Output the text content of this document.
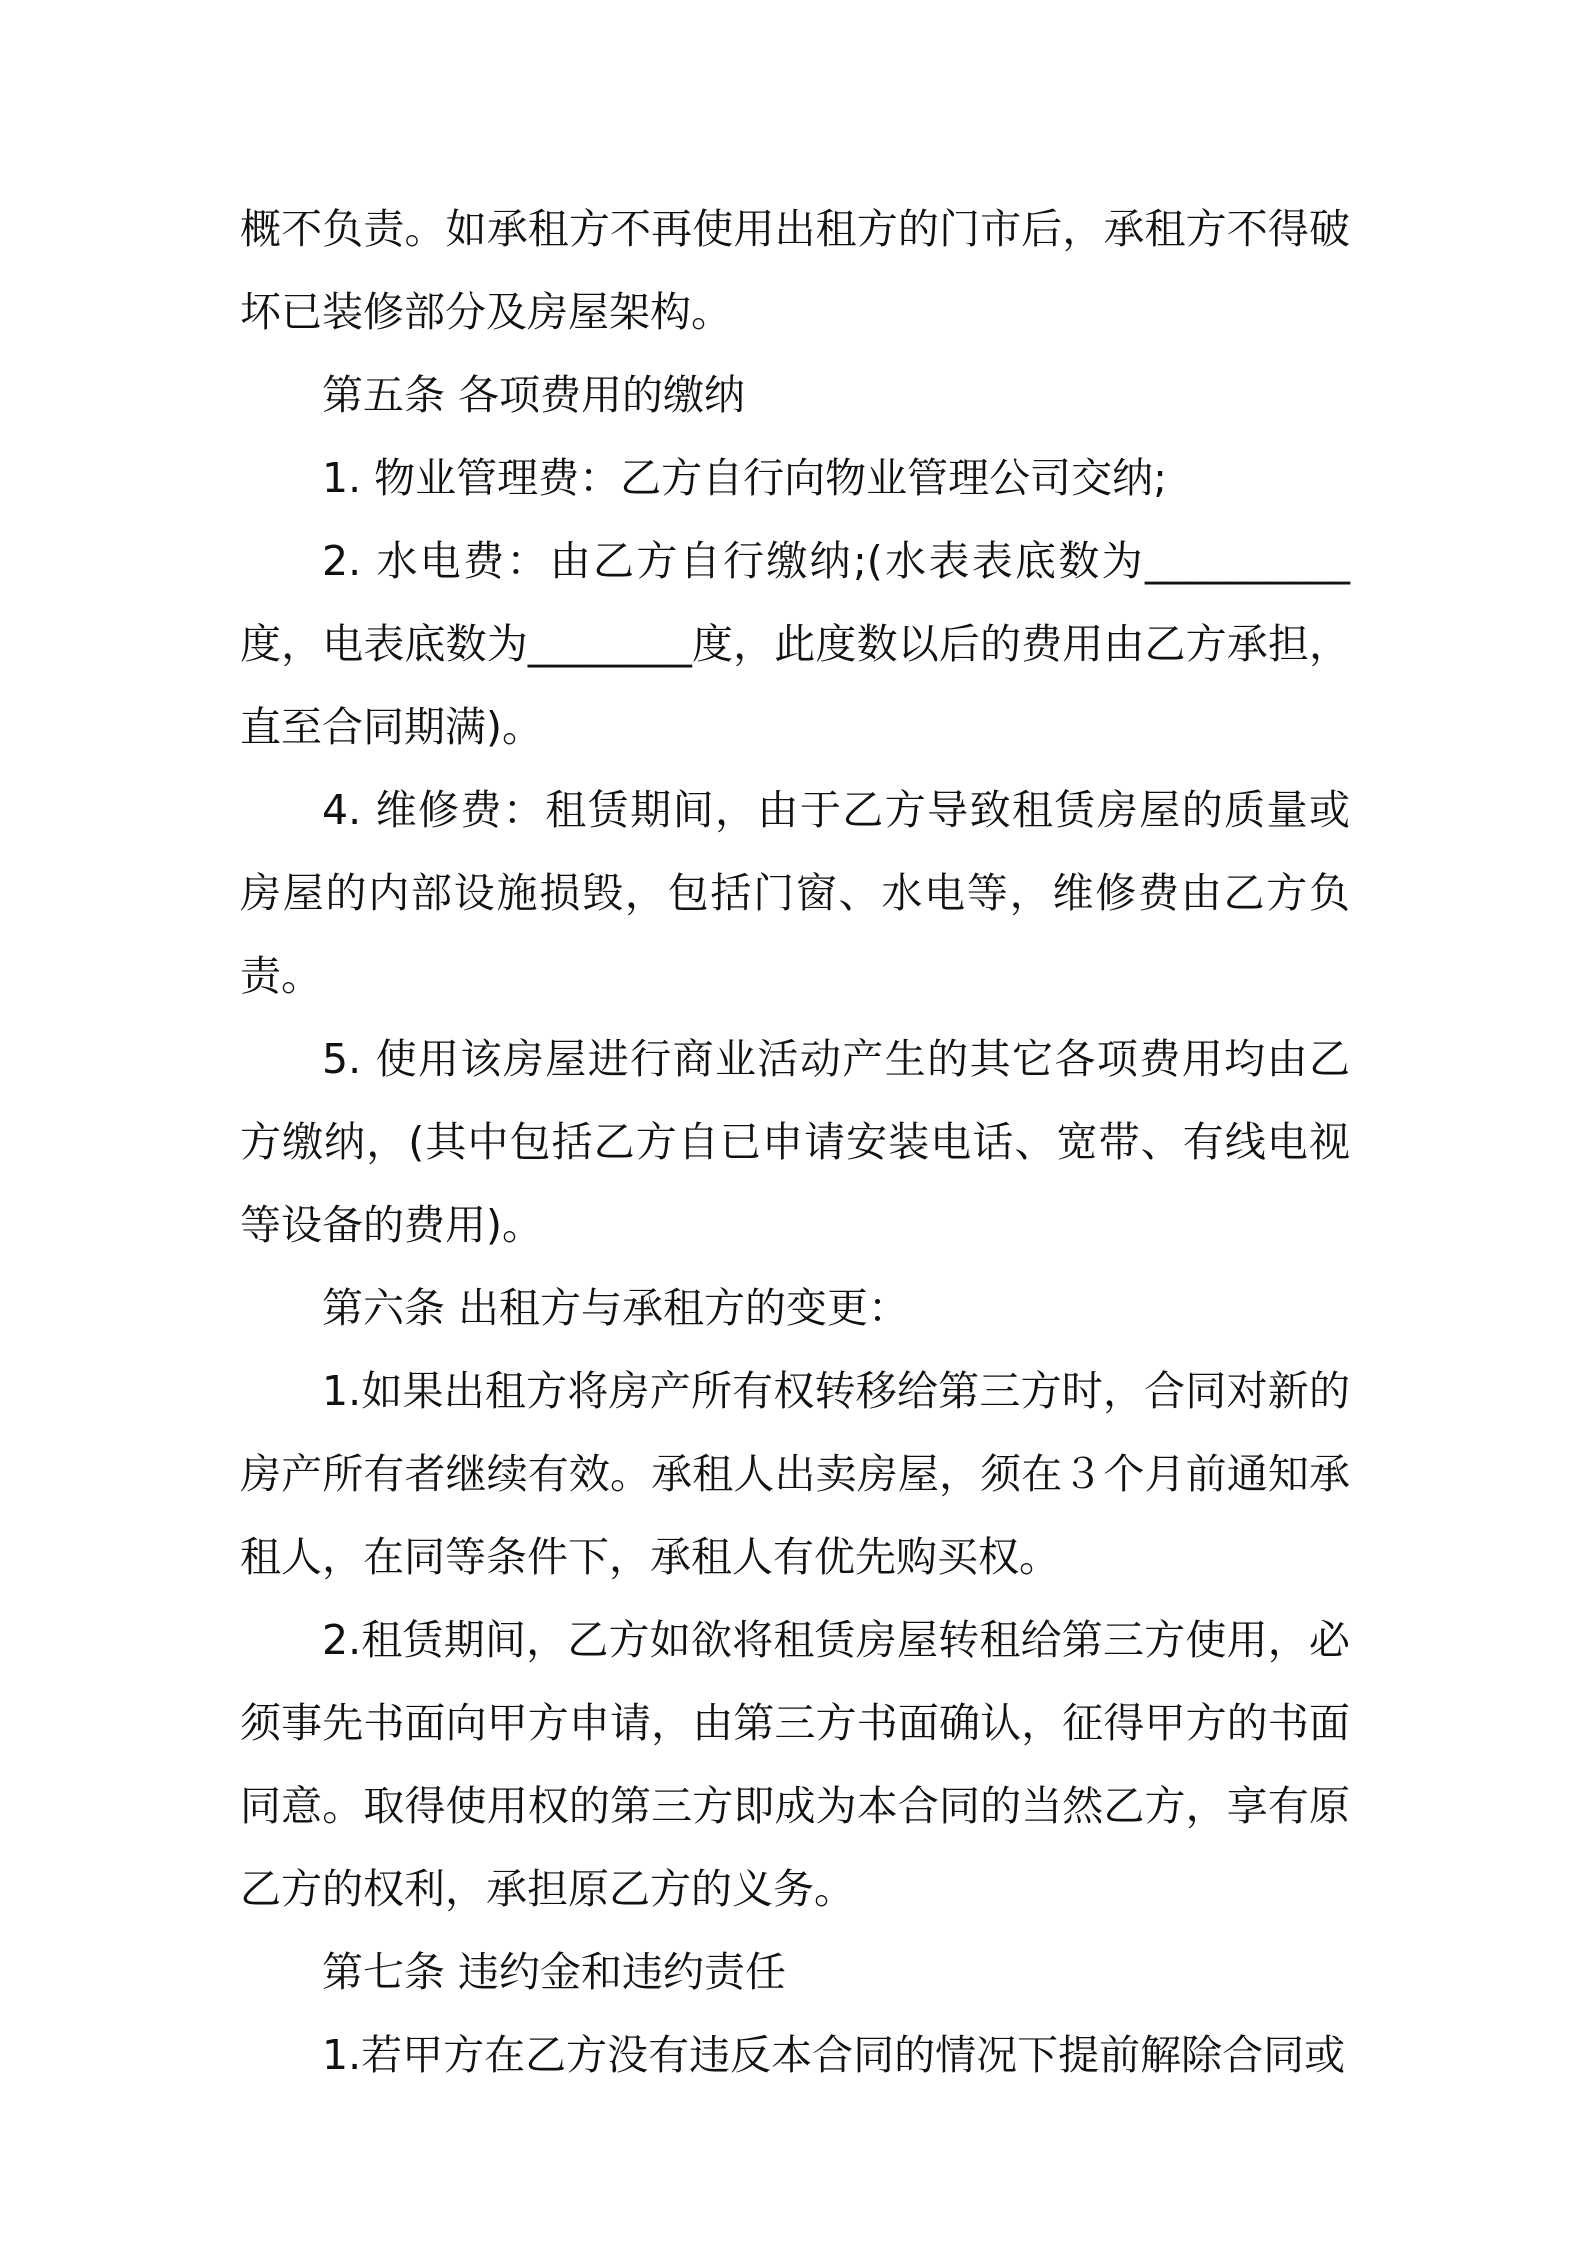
概不负责。如承租方不再使用出租方的门市后，承租方不得破坏已装修部分及房屋架构。

第五条 各项费用的缴纳

1. 物业管理费：乙方自行向物业管理公司交纳;

2. 水电费：由乙方自行缴纳;(水表表底数为__________度，电表底数为________度，此度数以后的费用由乙方承担，直至合同期满)。

4. 维修费：租赁期间，由于乙方导致租赁房屋的质量或房屋的内部设施损毁，包括门窗、水电等，维修费由乙方负责。

5. 使用该房屋进行商业活动产生的其它各项费用均由乙方缴纳，(其中包括乙方自已申请安装电话、宽带、有线电视等设备的费用)。

第六条 出租方与承租方的变更：

1.如果出租方将房产所有权转移给第三方时，合同对新的房产所有者继续有效。承租人出卖房屋，须在３个月前通知承租人，在同等条件下，承租人有优先购买权。

2.租赁期间，乙方如欲将租赁房屋转租给第三方使用，必须事先书面向甲方申请，由第三方书面确认，征得甲方的书面同意。取得使用权的第三方即成为本合同的当然乙方，享有原乙方的权利，承担原乙方的义务。

第七条 违约金和违约责任

1.若甲方在乙方没有违反本合同的情况下提前解除合同或
